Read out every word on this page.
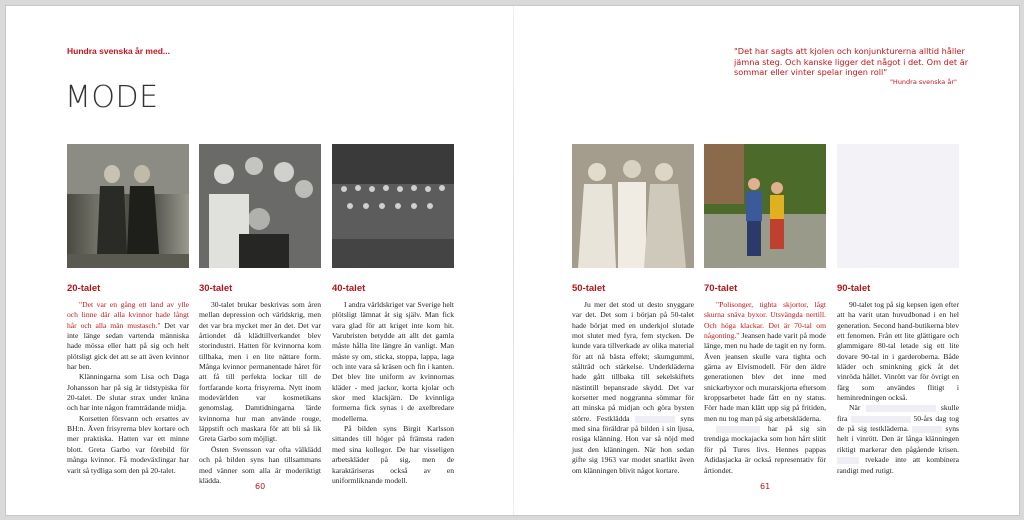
Hundra svenska år med...
MODE
"Det har sagts att kjolen och konjunkturerna alltid håller jämna steg. Och kanske ligger det något i det. Om det är sommar eller vinter spelar ingen roll"
"Hundra svenska år"
20-talet

"Det var en gång ett land av ylle och linne där alla kvinnor hade långt hår och alla män mustasch." Det var inte länge sedan vartenda människa hade mössa eller hatt på sig och helt plötsligt gick det att se att även kvinnor har ben.

Klänningarna som Lisa och Daga Johansson har på sig är tidstypiska för 20-talet. De slutar strax under knäna och har inte någon framträdande midja.

Korsetten försvann och ersattes av BH:n. Även frisyrerna blev kortare och mer praktiska. Hatten var ett minne blott. Greta Garbo var förebild för många kvinnor. Få modeväxlingar har varit så tydliga som den på 20-talet.

30-talet

30-talet brukar beskrivas som åren mellan depression och världskrig, men det var bra mycket mer än det. Det var årtiondet då klädtillverkandet blev storindustri. Hatten för kvinnorna kom tillbaka, men i en lite nättare form. Många kvinnor permanentade håret för att få till perfekta lockar till de fortfarande korta frisyrerna. Nytt inom modevärlden var kosmetikans genomslag. Damtidningarna lärde kvinnorna hur man använde rouge, läppstift och maskara för att bli så lik Greta Garbo som möjligt.

Östen Svensson var ofta välklädd och på bilden syns han tillsammans med vänner som alla är moderiktigt klädda.

40-talet

I andra världskriget var Sverige helt plötsligt lämnat åt sig själv. Man fick vara glad för att kriget inte kom hit. Varubristen betydde att allt det gamla måste hålla lite längre än vanligt. Man måste sy om, sticka, stoppa, lappa, laga och inte vara så kräsen och fin i kanten. Det blev lite uniform av kvinnornas kläder - med jackor, korta kjolar och skor med klackjärn. De kvinnliga formerna fick synas i de axelbredare modellerna.

På bilden syns Birgit Karlsson sittandes till höger på främsta raden med sina kollegor. De har visseligen arbetskläder på sig, men de karaktäriseras också av en uniformliknande modell.

50-talet

Ju mer det stod ut desto snyggare var det. Det som i början på 50-talet hade börjat med en underkjol slutade mot slutet med fyra, fem stycken. De kunde vara tillverkade av olika material för att nå bästa effekt; skumgummi, stålträd och stärkelse. Underkläderna hade gått tillbaka till sekelskiftets nästintill bepansrade skydd. Det var korsetter med noggranna sömmar för att minska på midjan och göra bysten större. Festklädda	syns med sina föräldrar på bilden i sin ljusa, rosiga klänning. Hon var så nöjd med just den klänningen. När hon sedan gifte sig 1963 var modet snarlikt även om klänningen blivit något kortare.

70-talet

"Polisonger, tighta skjortor, lågt skurna snäva byxor. Utsvängda nertill. Och höga klackar. Det är 70-tal om någonting." Jeansen hade varit på mode länge, men nu hade de tagit en ny form. Även jeansen skulle vara tighta och gärna av Elvismodell. För den äldre generationen blev det inne med snickarbyxor och murarskjorta eftersom kroppsarbetet hade fått en ny status. Förr hade man klätt upp sig på fritiden, men nu tog man på sig arbetskläderna.

har på sig sin trendiga mockajacka som hon hårt slitit för på Tures livs. Hennes pappas Adidasjacka är också representativ för årtiondet.

90-talet

90-talet tog på sig kepsen igen efter att ha varit utan huvudbonad i en hel generation. Second hand-butikerna blev ett fenomen. Från ett lite glättigare och glammigare 80-tal letade sig ett lite dovare 90-tal in i garderoberna. Både kläder och sminkning gick åt det vinröda hållet. Vinrött var för övrigt en färg som användes flitigt i heminredningen också.

När	skulle fira	50-års dag tog de på sig testkläderna.	syns helt i vinrött. Den är långa klänningen riktigt markerar den pågående krisen.  tvekade inte att kombinera randigt med rutigt.

60	61
